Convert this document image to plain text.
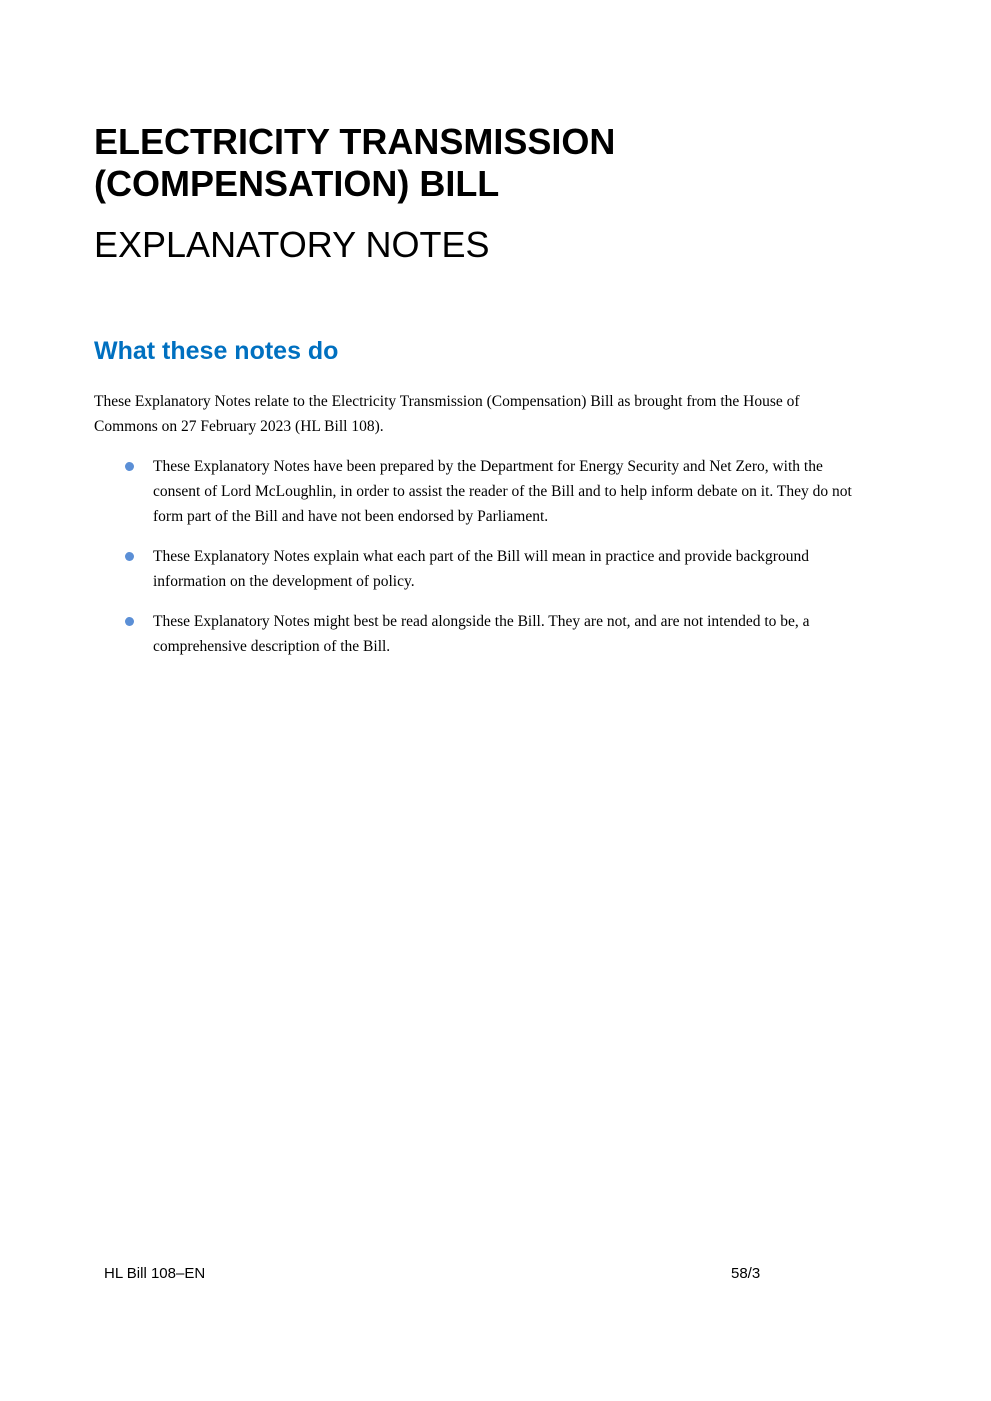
ELECTRICITY TRANSMISSION
(COMPENSATION) BILL
EXPLANATORY NOTES
What these notes do

These Explanatory Notes relate to the Electricity Transmission (Compensation) Bill as brought from the House of Commons on 27 February 2023 (HL Bill 108).

These Explanatory Notes have been prepared by the Department for Energy Security and Net Zero, with the consent of Lord McLoughlin, in order to assist the reader of the Bill and to help inform debate on it. They do not form part of the Bill and have not been endorsed by Parliament.
These Explanatory Notes explain what each part of the Bill will mean in practice and provide background information on the development of policy.
These Explanatory Notes might best be read alongside the Bill. They are not, and are not intended to be, a comprehensive description of the Bill.
HL Bill 108–EN	58/3
